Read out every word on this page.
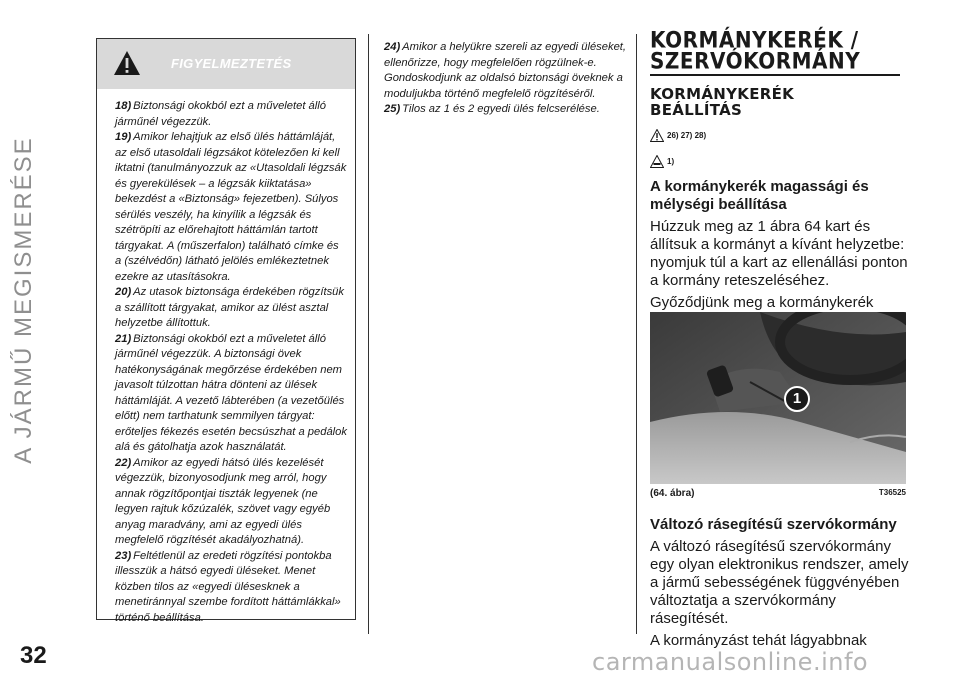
A JÁRMŰ MEGISMERÉSE
32	carmanualsonline.info
FIGYELMEZTETÉS

18) Biztonsági okokból ezt a műveletet álló járműnél végezzük.

19) Amikor lehajtjuk az első ülés háttámláját, az első utasoldali légzsákot kötelezően ki kell iktatni (tanulmányozzuk az «Utasoldali légzsák és gyerekülések – a légzsák kiiktatása» bekezdést a «Biztonság» fejezetben). Súlyos sérülés veszély, ha kinyílik a légzsák és szétröpíti az előrehajtott háttámlán tartott tárgyakat. A (műszerfalon) található címke és a (szélvédőn) látható jelölés emlékeztetnek ezekre az utasításokra.

20) Az utasok biztonsága érdekében rögzítsük a szállított tárgyakat, amikor az ülést asztal helyzetbe állítottuk.

21) Biztonsági okokból ezt a műveletet álló járműnél végezzük. A biztonsági övek hatékonyságának megőrzése érdekében nem javasolt túlzottan hátra dönteni az ülések háttámláját. A vezető lábterében (a vezetőülés előtt) nem tarthatunk semmilyen tárgyat: erőteljes fékezés esetén becsúszhat a pedálok alá és gátolhatja azok használatát.

22) Amikor az egyedi hátsó ülés kezelését végezzük, bizonyosodjunk meg arról, hogy annak rögzítőpontjai tiszták legyenek (ne legyen rajtuk kőzúzalék, szövet vagy egyéb anyag maradvány, ami az egyedi ülés megfelelő rögzítését akadályozhatná).

23) Feltétlenül az eredeti rögzítési pontokba illesszük a hátsó egyedi üléseket. Menet közben tilos az «egyedi ülésesknek a menetiránnyal szembe fordított háttámlákkal» történő beállítása.

24) Amikor a helyükre szereli az egyedi üléseket, ellenőrizze, hogy megfelelően rögzülnek-e. Gondoskodjunk az oldalsó biztonsági öveknek a moduljukba történő megfelelő rögzítéséről.

25) Tilos az 1 és 2 egyedi ülés felcserélése.

KORMÁNYKERÉK /
SZERVÓKORMÁNY
KORMÁNYKERÉK
BEÁLLÍTÁS
26) 27) 28)
1)
A kormánykerék magassági és mélységi beállítása
Húzzuk meg az 1 ábra 64 kart és állítsuk a kormányt a kívánt helyzetbe: nyomjuk túl a kart az ellenállási ponton a kormány reteszeléséhez.
Győződjünk meg a kormánykerék
1
(64. ábra)	T36525
Változó rásegítésű szervókormány
A változó rásegítésű szervókormány egy olyan elektronikus rendszer, amely a jármű sebességének függvényében változtatja a szervókormány rásegítését.
A kormányzást tehát lágyabbnak
